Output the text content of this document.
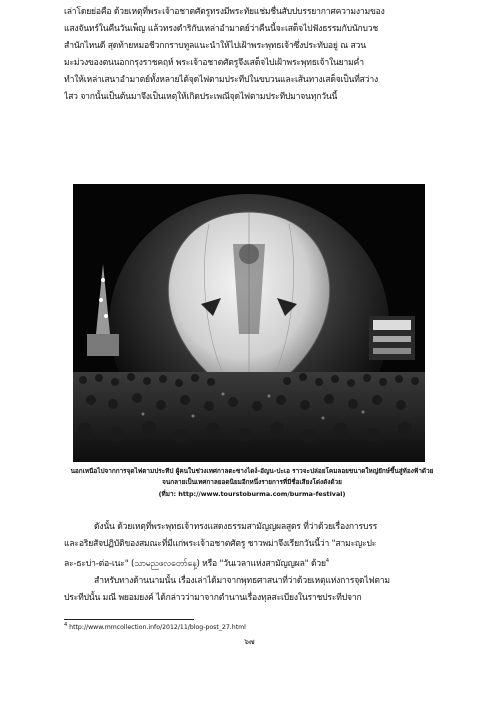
เล่าโดยย่อคือ ด้วยเหตุที่พระเจ้าอชาตศัตรูทรงมีพระทัยแช่มชื่นสับปบรรยากาศความงามของ
แสงจันทร์ในคืนวันเพ็ญ แล้วทรงดำริกับเหล่าอำมาตย์ว่าคืนนี้จะเสด็จไปฟังธรรมกับนักบวช
สำนักไหนดี สุดท้ายหมอชีวกกราบทูลแนะนำให้ไปเฝ้าพระพุทธเจ้าซึ่งประทับอยู่ ณ สวน
มะม่วงของตนนอกกรุงราชคฤห์ พระเจ้าอชาตศัตรูจึงเสด็จไปเฝ้าพระพุทธเจ้าในยามค่ำ
ทำให้เหล่าเสนาอำมาตย์ทั้งหลายได้จุดไฟตามประทีปในขบวนและเส้นทางเสด็จเป็นที่สว่าง
ไสว จากนั้นเป็นต้นมาจึงเป็นเหตุให้เกิดประเพณีจุดไฟตามประทีปมาจนทุกวันนี้
นอกเหนือไปจากการจุดไฟตามประทีป ผู้คนในช่วงเทศกาลตะซางไดง์-อัญน-ปะเอ ราวจะปล่อยโคมลอยขนาดใหญ่ยักษ์ขึ้นสู่ท้องฟ้าด้วย
จนกลายเป็นเทศกาลยอดนิยมอีกหนึ่งรายการที่มีชื่อเสียงโด่งดังด้วย
(ที่มา: http://www.tourstoburma.com/burma-festival)
ดังนั้น ด้วยเหตุที่พระพุทธเจ้าทรงแสดงธรรมสามัญญผลสูตร ที่ว่าด้วยเรื่องการบรร
และอริยสัจปฏิบัติของสมณะที่มีแก่พระเจ้าอชาตศัตรู ชาวพม่าจึงเรียกวันนี้ว่า "สามะญะปะ
ละ-ธะบ่า-ต่อ-เนะ" (သာမညဖလတော်နေ့) หรือ "วันเวลาแห่งสามัญญผล" ด้วย$^4$
สำหรับทางด้านนามนั้น เรื่องเล่าได้มาจากพุทธศาสนาที่ว่าด้วยเหตุแห่งการจุดไฟตาม
ประทีปนั้น มณี พยอมยงค์ ได้กล่าวว่ามาจากตำนานเรื่องทุลสะเบียงในราชประทีปจาก
$^4$ http://www.mmcollection.info/2012/11/blog-post_27.html
๖๗
